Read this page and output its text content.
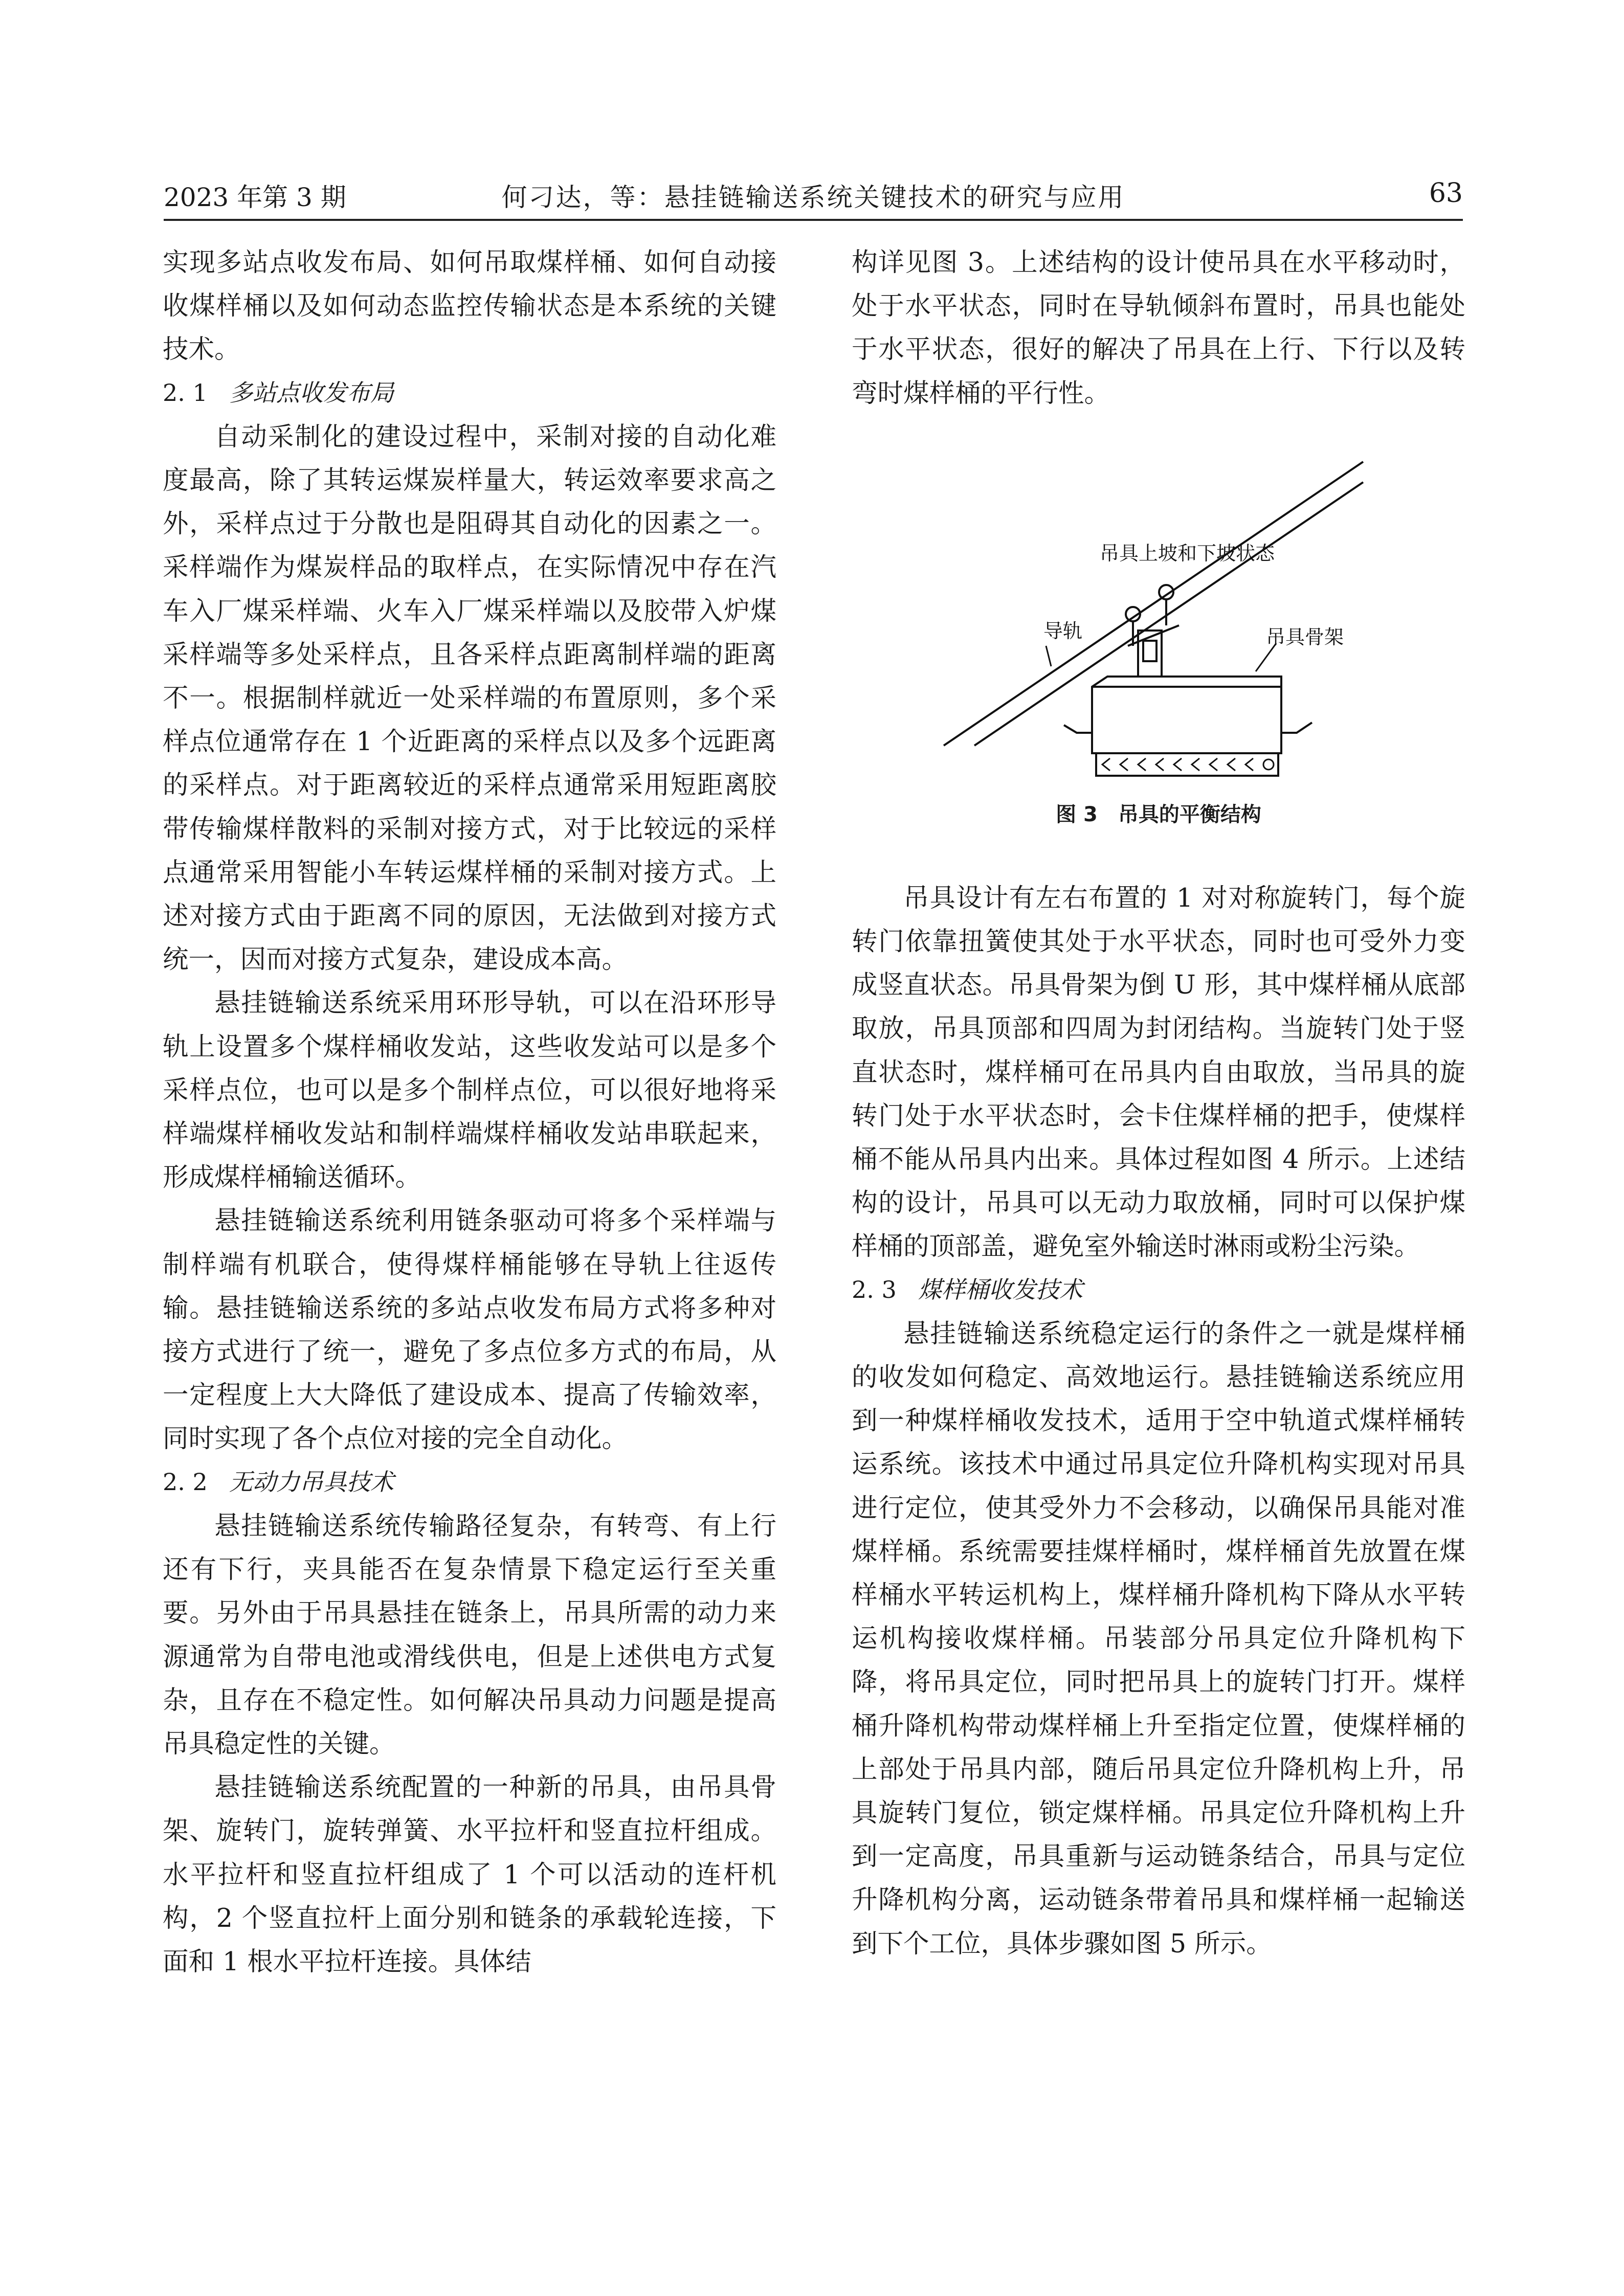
2023 年第 3 期	何刁达，等：悬挂链输送系统关键技术的研究与应用	63

实现多站点收发布局、如何吊取煤样桶、如何自动接收煤样桶以及如何动态监控传输状态是本系统的关键技术。

2. 1 多站点收发布局

自动采制化的建设过程中，采制对接的自动化难度最高，除了其转运煤炭样量大，转运效率要求高之外，采样点过于分散也是阻碍其自动化的因素之一。采样端作为煤炭样品的取样点，在实际情况中存在汽车入厂煤采样端、火车入厂煤采样端以及胶带入炉煤采样端等多处采样点，且各采样点距离制样端的距离不一。根据制样就近一处采样端的布置原则，多个采样点位通常存在 1 个近距离的采样点以及多个远距离的采样点。对于距离较近的采样点通常采用短距离胶带传输煤样散料的采制对接方式，对于比较远的采样点通常采用智能小车转运煤样桶的采制对接方式。上述对接方式由于距离不同的原因，无法做到对接方式统一，因而对接方式复杂，建设成本高。

悬挂链输送系统采用环形导轨，可以在沿环形导轨上设置多个煤样桶收发站，这些收发站可以是多个采样点位，也可以是多个制样点位，可以很好地将采样端煤样桶收发站和制样端煤样桶收发站串联起来，形成煤样桶输送循环。

悬挂链输送系统利用链条驱动可将多个采样端与制样端有机联合，使得煤样桶能够在导轨上往返传输。悬挂链输送系统的多站点收发布局方式将多种对接方式进行了统一，避免了多点位多方式的布局，从一定程度上大大降低了建设成本、提高了传输效率，同时实现了各个点位对接的完全自动化。

2. 2 无动力吊具技术

悬挂链输送系统传输路径复杂，有转弯、有上行还有下行，夹具能否在复杂情景下稳定运行至关重要。另外由于吊具悬挂在链条上，吊具所需的动力来源通常为自带电池或滑线供电，但是上述供电方式复杂，且存在不稳定性。如何解决吊具动力问题是提高吊具稳定性的关键。

悬挂链输送系统配置的一种新的吊具，由吊具骨架、旋转门，旋转弹簧、水平拉杆和竖直拉杆组成。水平拉杆和竖直拉杆组成了 1 个可以活动的连杆机构，2 个竖直拉杆上面分别和链条的承载轮连接，下面和 1 根水平拉杆连接。具体结

构详见图 3。上述结构的设计使吊具在水平移动时，处于水平状态，同时在导轨倾斜布置时，吊具也能处于水平状态，很好的解决了吊具在上行、下行以及转弯时煤样桶的平行性。

吊具上坡和下坡状态
导轨	吊具骨架
图 3 吊具的平衡结构

吊具设计有左右布置的 1 对对称旋转门，每个旋转门依靠扭簧使其处于水平状态，同时也可受外力变成竖直状态。吊具骨架为倒 U 形，其中煤样桶从底部取放，吊具顶部和四周为封闭结构。当旋转门处于竖直状态时，煤样桶可在吊具内自由取放，当吊具的旋转门处于水平状态时，会卡住煤样桶的把手，使煤样桶不能从吊具内出来。具体过程如图 4 所示。上述结构的设计，吊具可以无动力取放桶，同时可以保护煤样桶的顶部盖，避免室外输送时淋雨或粉尘污染。

2. 3 煤样桶收发技术

悬挂链输送系统稳定运行的条件之一就是煤样桶的收发如何稳定、高效地运行。悬挂链输送系统应用到一种煤样桶收发技术，适用于空中轨道式煤样桶转运系统。该技术中通过吊具定位升降机构实现对吊具进行定位，使其受外力不会移动，以确保吊具能对准煤样桶。系统需要挂煤样桶时，煤样桶首先放置在煤样桶水平转运机构上，煤样桶升降机构下降从水平转运机构接收煤样桶。吊装部分吊具定位升降机构下降，将吊具定位，同时把吊具上的旋转门打开。煤样桶升降机构带动煤样桶上升至指定位置，使煤样桶的上部处于吊具内部，随后吊具定位升降机构上升，吊具旋转门复位，锁定煤样桶。吊具定位升降机构上升到一定高度，吊具重新与运动链条结合，吊具与定位升降机构分离，运动链条带着吊具和煤样桶一起输送到下个工位，具体步骤如图 5 所示。
